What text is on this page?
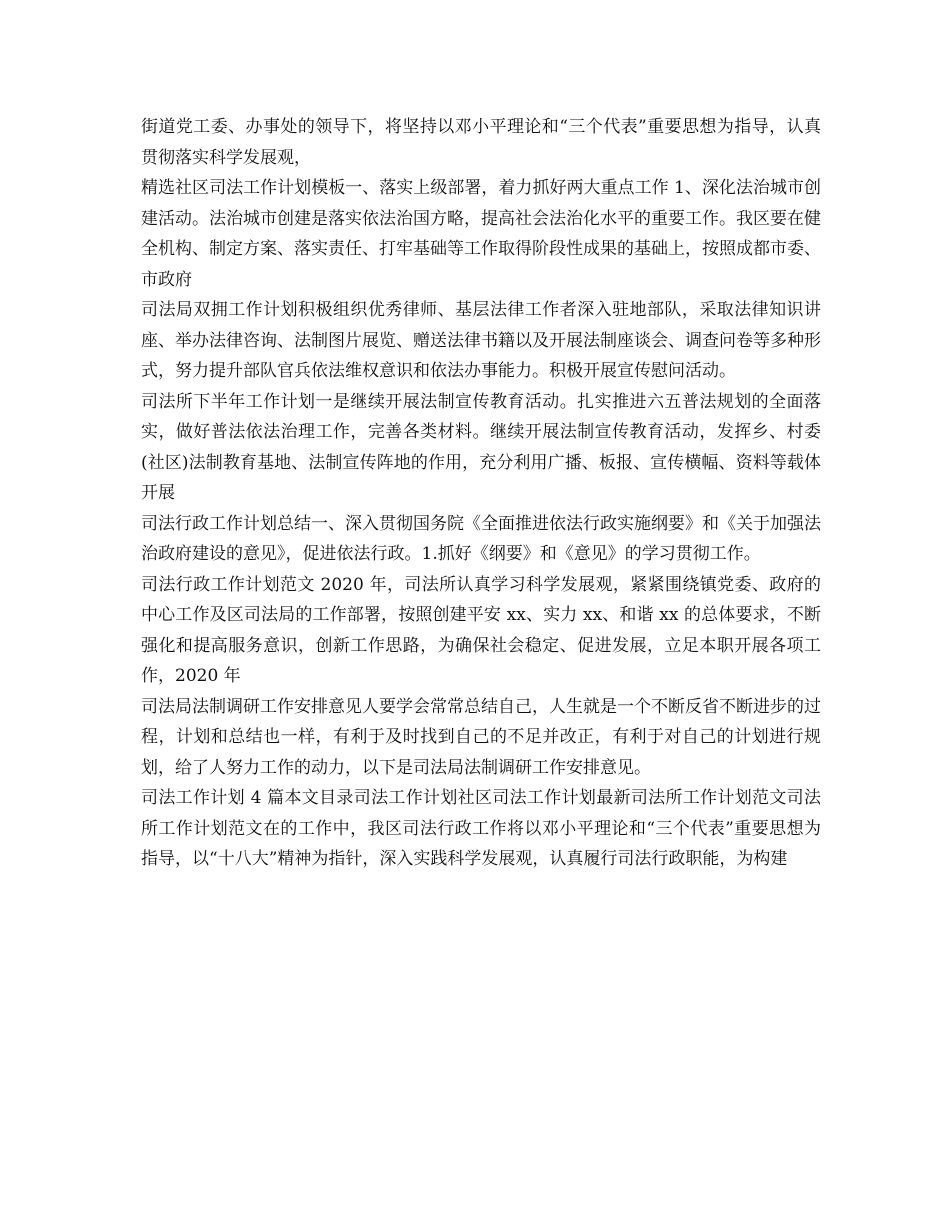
街道党工委、办事处的领导下，将坚持以邓小平理论和“三个代表”重要思想为指导，认真贯彻落实科学发展观，

精选社区司法工作计划模板一、落实上级部署，着力抓好两大重点工作 1、深化法治城市创建活动。法治城市创建是落实依法治国方略，提高社会法治化水平的重要工作。我区要在健全机构、制定方案、落实责任、打牢基础等工作取得阶段性成果的基础上，按照成都市委、市政府

司法局双拥工作计划积极组织优秀律师、基层法律工作者深入驻地部队，采取法律知识讲座、举办法律咨询、法制图片展览、赠送法律书籍以及开展法制座谈会、调查问卷等多种形式，努力提升部队官兵依法维权意识和依法办事能力。积极开展宣传慰问活动。

司法所下半年工作计划一是继续开展法制宣传教育活动。扎实推进六五普法规划的全面落实，做好普法依法治理工作，完善各类材料。继续开展法制宣传教育活动，发挥乡、村委(社区)法制教育基地、法制宣传阵地的作用，充分利用广播、板报、宣传横幅、资料等载体开展

司法行政工作计划总结一、深入贯彻国务院《全面推进依法行政实施纲要》和《关于加强法治政府建设的意见》，促进依法行政。1.抓好《纲要》和《意见》的学习贯彻工作。

司法行政工作计划范文 2020 年，司法所认真学习科学发展观，紧紧围绕镇党委、政府的中心工作及区司法局的工作部署，按照创建平安 xx、实力 xx、和谐 xx 的总体要求，不断强化和提高服务意识，创新工作思路，为确保社会稳定、促进发展，立足本职开展各项工作，2020 年

司法局法制调研工作安排意见人要学会常常总结自己，人生就是一个不断反省不断进步的过程，计划和总结也一样，有利于及时找到自己的不足并改正，有利于对自己的计划进行规划，给了人努力工作的动力，以下是司法局法制调研工作安排意见。

司法工作计划 4 篇本文目录司法工作计划社区司法工作计划最新司法所工作计划范文司法所工作计划范文在的工作中，我区司法行政工作将以邓小平理论和“三个代表”重要思想为指导，以“十八大”精神为指针，深入实践科学发展观，认真履行司法行政职能，为构建
